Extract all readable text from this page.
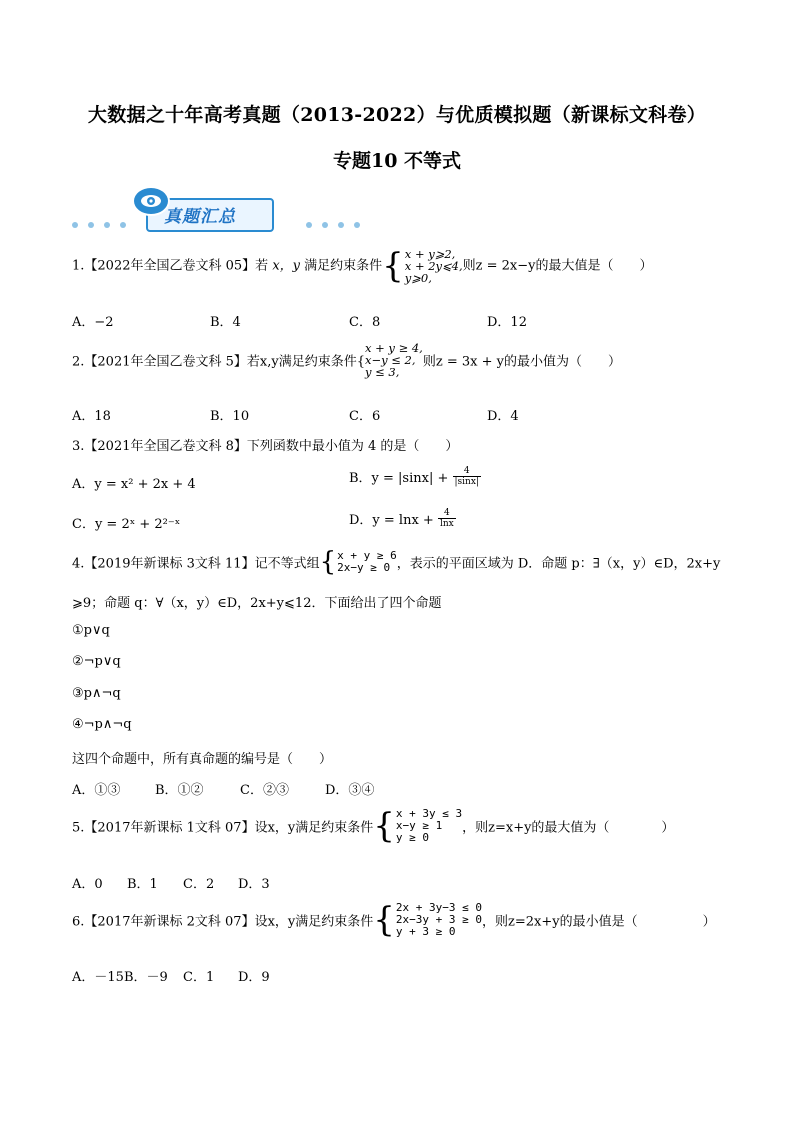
大数据之十年高考真题（2013-2022）与优质模拟题（新课标文科卷）
专题10 不等式
真题汇总
1.【2022年全国乙卷文科 05】若 x，y 满足约束条件{ x + y⩾2,
x + 2y⩽4,
y⩾0,
则z = 2x−y的最大值是（　　）
A．−2	B．4	C．8	D．12
2.【2021年全国乙卷文科 5】若x,y满足约束条件{
x + y ≥ 4,
x−y ≤ 2,
y ≤ 3,
则z = 3x + y的最小值为（　　）
A．18	B．10	C．6	D．4
3.【2021年全国乙卷文科 8】下列函数中最小值为 4 的是（　　）
A．y = x² + 2x + 4	B．$y = |\sin x| + \frac{4}{|\sin x|}$
C．y = 2ˣ + 2²⁻ˣ	D．$y = \ln x + \frac{4}{\ln x}$
4.【2019年新课标 3文科 11】记不等式组{ x + y ≥ 6
2x−y ≥ 0 ，表示的平面区域为 D．命题 p：∃（x，y）∈D，2x+y
⩾9；命题 q：∀（x，y）∈D，2x+y⩽12．下面给出了四个命题
①p∨q
②¬p∨q
③p∧¬q
④¬p∧¬q
这四个命题中，所有真命题的编号是（　　）
A．①③	B．①②	C．②③	D．③④
5.【2017年新课标 1文科 07】设x，y满足约束条件{ x + 3y ≤ 3
x−y ≥ 1
y ≥ 0
，则z=x+y的最大值为（　　　　）
A．0 B．1 C．2 D．3
6.【2017年新课标 2文科 07】设x，y满足约束条件{ 2x + 3y−3 ≤ 0
2x−3y + 3 ≥ 0
y + 3 ≥ 0
，则z=2x+y的最小值是（　　　　　）
A．－15 B．－9 C．1 D．9
